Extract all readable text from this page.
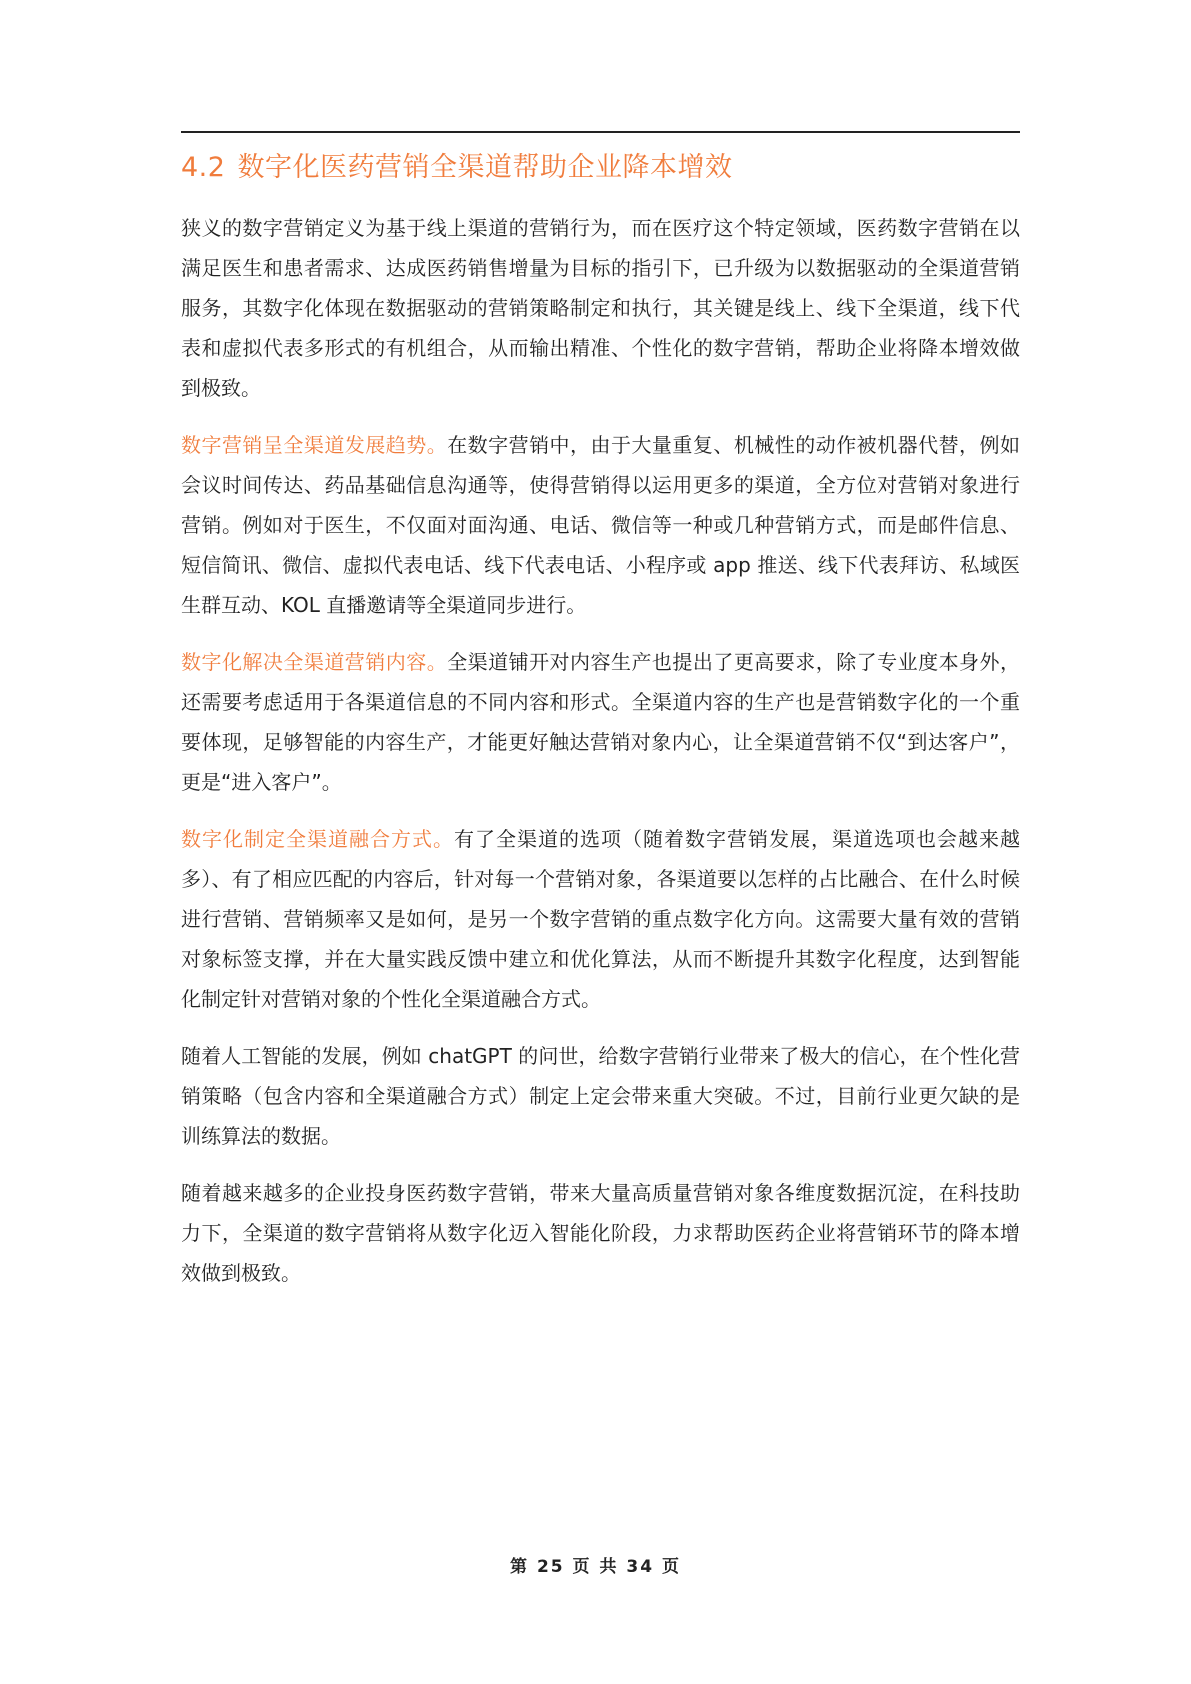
4.2 数字化医药营销全渠道帮助企业降本增效

狭义的数字营销定义为基于线上渠道的营销行为，而在医疗这个特定领域，医药数字营销在以满足医生和患者需求、达成医药销售增量为目标的指引下，已升级为以数据驱动的全渠道营销服务，其数字化体现在数据驱动的营销策略制定和执行，其关键是线上、线下全渠道，线下代表和虚拟代表多形式的有机组合，从而输出精准、个性化的数字营销，帮助企业将降本增效做到极致。

数字营销呈全渠道发展趋势。在数字营销中，由于大量重复、机械性的动作被机器代替，例如会议时间传达、药品基础信息沟通等，使得营销得以运用更多的渠道，全方位对营销对象进行营销。例如对于医生，不仅面对面沟通、电话、微信等一种或几种营销方式，而是邮件信息、短信简讯、微信、虚拟代表电话、线下代表电话、小程序或 app 推送、线下代表拜访、私域医生群互动、KOL 直播邀请等全渠道同步进行。

数字化解决全渠道营销内容。全渠道铺开对内容生产也提出了更高要求，除了专业度本身外，还需要考虑适用于各渠道信息的不同内容和形式。全渠道内容的生产也是营销数字化的一个重要体现，足够智能的内容生产，才能更好触达营销对象内心，让全渠道营销不仅“到达客户”，更是“进入客户”。

数字化制定全渠道融合方式。有了全渠道的选项（随着数字营销发展，渠道选项也会越来越多）、有了相应匹配的内容后，针对每一个营销对象，各渠道要以怎样的占比融合、在什么时候进行营销、营销频率又是如何，是另一个数字营销的重点数字化方向。这需要大量有效的营销对象标签支撑，并在大量实践反馈中建立和优化算法，从而不断提升其数字化程度，达到智能化制定针对营销对象的个性化全渠道融合方式。

随着人工智能的发展，例如 chatGPT 的问世，给数字营销行业带来了极大的信心，在个性化营销策略（包含内容和全渠道融合方式）制定上定会带来重大突破。不过，目前行业更欠缺的是训练算法的数据。

随着越来越多的企业投身医药数字营销，带来大量高质量营销对象各维度数据沉淀，在科技助力下，全渠道的数字营销将从数字化迈入智能化阶段，力求帮助医药企业将营销环节的降本增效做到极致。

第 25 页 共 34 页
